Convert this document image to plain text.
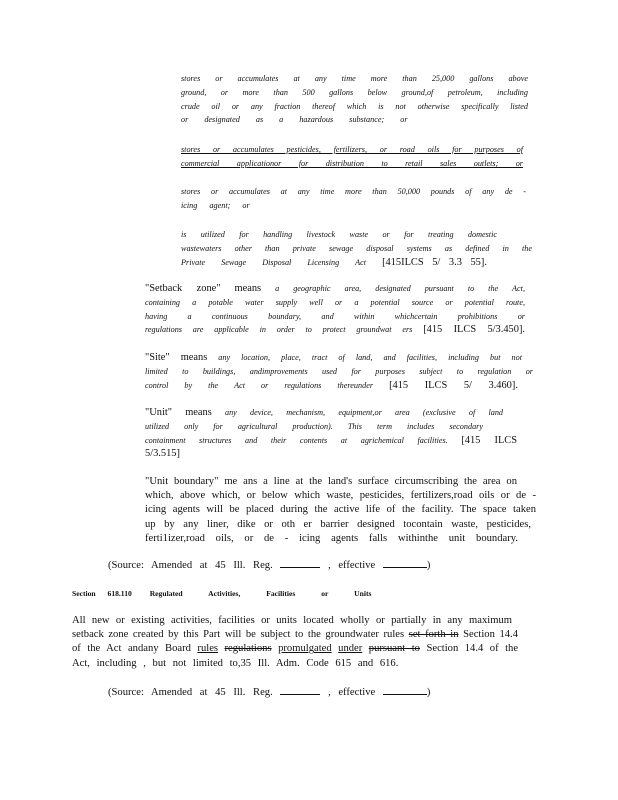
stores or accumulates at any time more than 25,000 gallons above
ground, or more than 500 gallons below ground,of petroleum, including
crude oil or any fraction thereof which is not otherwise specifically listed
or designated as a hazardous substance; or
stores or accumulates pesticides, fertilizers, or road oils for purposes of
commercial applicationor for distribution to retail sales outlets; or
stores or accumulates at any time more than 50,000 pounds of any de -
icing agent; or
is utilized for handling livestock waste or for treating domestic
wastewaters other than private sewage disposal systems as defined in the
Private Sewage Disposal Licensing Act [415ILCS 5/ 3.3 55].
"Setback zone" means a geographic area, designated pursuant to the Act,
containing a potable water supply well or a potential source or potential route,
having a continuous boundary, and within whichcertain prohibitions or
regulations are applicable in order to protect groundwat ers [415 ILCS 5/3.450].
"Site" means any location, place, tract of land, and facilities, including but not
limited to buildings, andimprovements used for purposes subject to regulation or
control by the Act or regulations thereunder [415 ILCS 5/ 3.460].
"Unit" means any device, mechanism, equipment,or area (exclusive of land
utilized only for agricultural production). This term includes secondary
containment structures and their contents at agrichemical facilities. [415 ILCS
5/3.515]
"Unit boundary" me ans a line at the land's surface circumscribing the area on
which, above which, or below which waste, pesticides, fertilizers,road oils or de -
icing agents will be placed during the active life of the facility. The space taken
up by any liner, dike or oth er barrier designed tocontain waste, pesticides,
ferti1izer,road oils, or de - icing agents falls withinthe unit boundary.
(Source: Amended at 45 Ill. Reg.	, effective	)
Section 618.110 Regulated Activities, Facilities or Units
All new or existing activities, facilities or units located wholly or partially in any maximum
setback zone created by this Part will be subject to the groundwater rules set forth in Section 14.4
of the Act andany Board rules regulations promulgated under pursuant to Section 14.4 of the
Act, including , but not limited to,35 Ill. Adm. Code 615 and 616.
(Source: Amended at 45 Ill. Reg.	, effective	)
